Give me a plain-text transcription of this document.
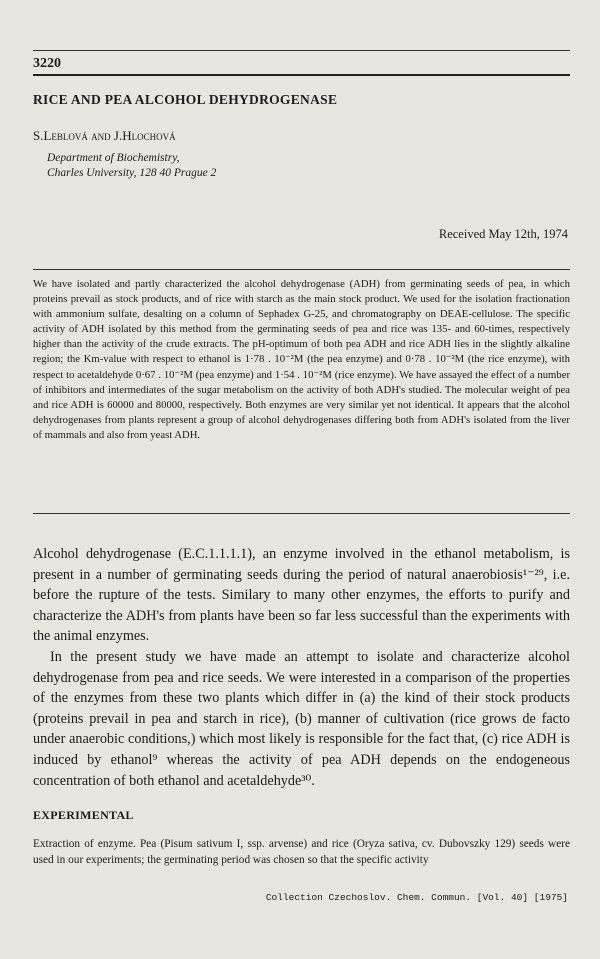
3220
RICE AND PEA ALCOHOL DEHYDROGENASE
S.Leblová and J.Hlochová
Department of Biochemistry,
Charles University, 128 40 Prague 2
Received May 12th, 1974
We have isolated and partly characterized the alcohol dehydrogenase (ADH) from germinating seeds of pea, in which proteins prevail as stock products, and of rice with starch as the main stock product. We used for the isolation fractionation with ammonium sulfate, desalting on a column of Sephadex G-25, and chromatography on DEAE-cellulose. The specific activity of ADH isolated by this method from the germinating seeds of pea and rice was 135- and 60-times, respectively higher than the activity of the crude extracts. The pH-optimum of both pea ADH and rice ADH lies in the slightly alkaline region; the Km-value with respect to ethanol is 1·78 . 10⁻²M (the pea enzyme) and 0·78 . 10⁻²M (the rice enzyme), with respect to acetaldehyde 0·67 . 10⁻²M (pea enzyme) and 1·54 . 10⁻²M (rice enzyme). We have assayed the effect of a number of inhibitors and intermediates of the sugar metabolism on the activity of both ADH's studied. The molecular weight of pea and rice ADH is 60000 and 80000, respectively. Both enzymes are very similar yet not identical. It appears that the alcohol dehydrogenases from plants represent a group of alcohol dehydrogenases differing both from ADH's isolated from the liver of mammals and also from yeast ADH.

Alcohol dehydrogenase (E.C.1.1.1.1), an enzyme involved in the ethanol metabolism, is present in a number of germinating seeds during the period of natural anaerobiosis¹⁻²⁹, i.e. before the rupture of the tests. Similary to many other enzymes, the efforts to purify and characterize the ADH's from plants have been so far less successful than the experiments with the animal enzymes.

In the present study we have made an attempt to isolate and characterize alcohol dehydrogenase from pea and rice seeds. We were interested in a comparison of the properties of the enzymes from these two plants which differ in (a) the kind of their stock products (proteins prevail in pea and starch in rice), (b) manner of cultivation (rice grows de facto under anaerobic conditions,) which most likely is responsible for the fact that, (c) rice ADH is induced by ethanol⁹ whereas the activity of pea ADH depends on the endogeneous concentration of both ethanol and acetaldehyde³⁰.

EXPERIMENTAL
Extraction of enzyme. Pea (Pisum sativum I, ssp. arvense) and rice (Oryza sativa, cv. Dubovszky 129) seeds were used in our experiments; the germinating period was chosen so that the specific activity
Collection Czechoslov. Chem. Commun. [Vol. 40] [1975]
